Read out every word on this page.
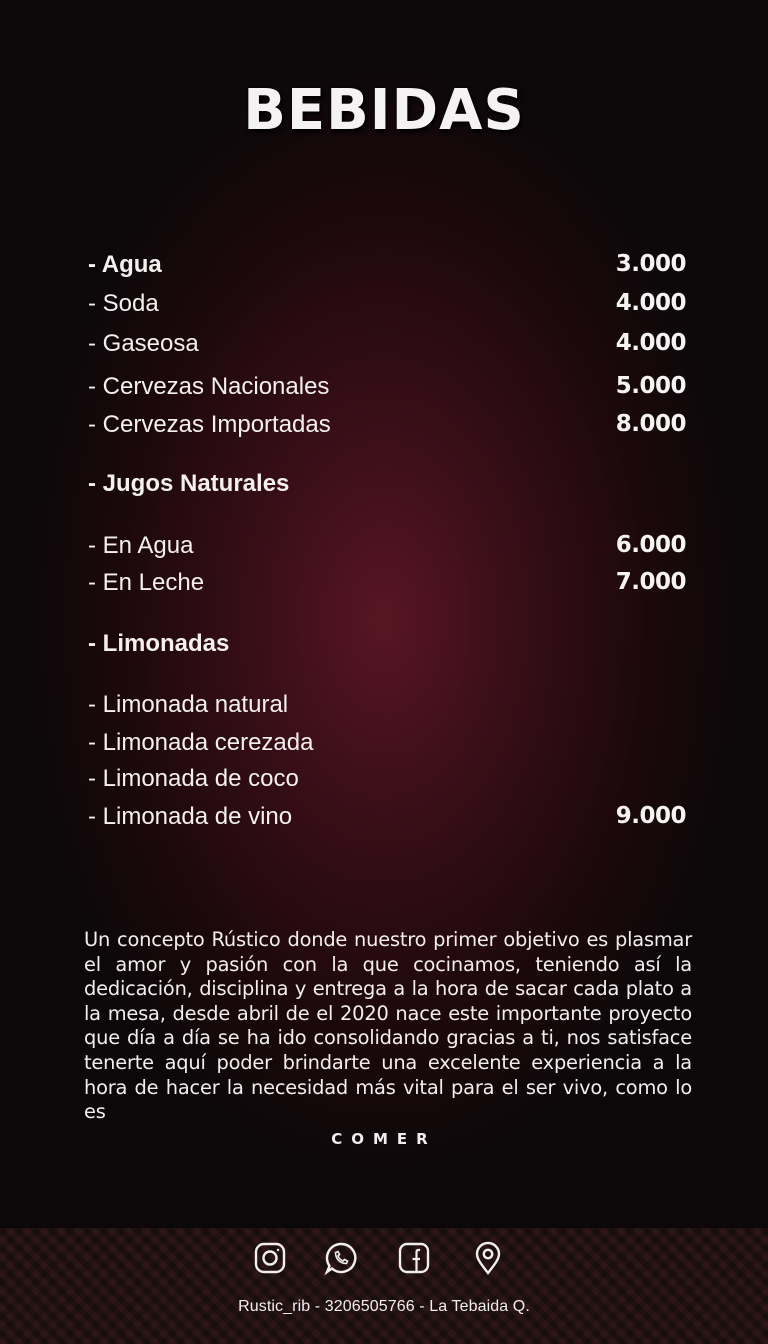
BEBIDAS
- Agua	3.000
- Soda	4.000
- Gaseosa	4.000
- Cervezas Nacionales	5.000
- Cervezas Importadas	8.000
- Jugos Naturales
- En Agua	6.000
- En Leche	7.000
- Limonadas
- Limonada natural
- Limonada cerezada
- Limonada de coco
- Limonada de vino	9.000
Un concepto Rústico donde nuestro primer objetivo es plasmar el amor y pasión con la que cocinamos, teniendo así la dedicación, disciplina y entrega a la hora de sacar cada plato a la mesa, desde abril de el 2020 nace este importante proyecto que día a día se ha ido consolidando gracias a ti, nos satisface tenerte aquí poder brindarte una excelente experiencia a la hora de hacer la necesidad más vital para el ser vivo, como lo es
COMER
Rustic_rib - 3206505766 - La Tebaida Q.
